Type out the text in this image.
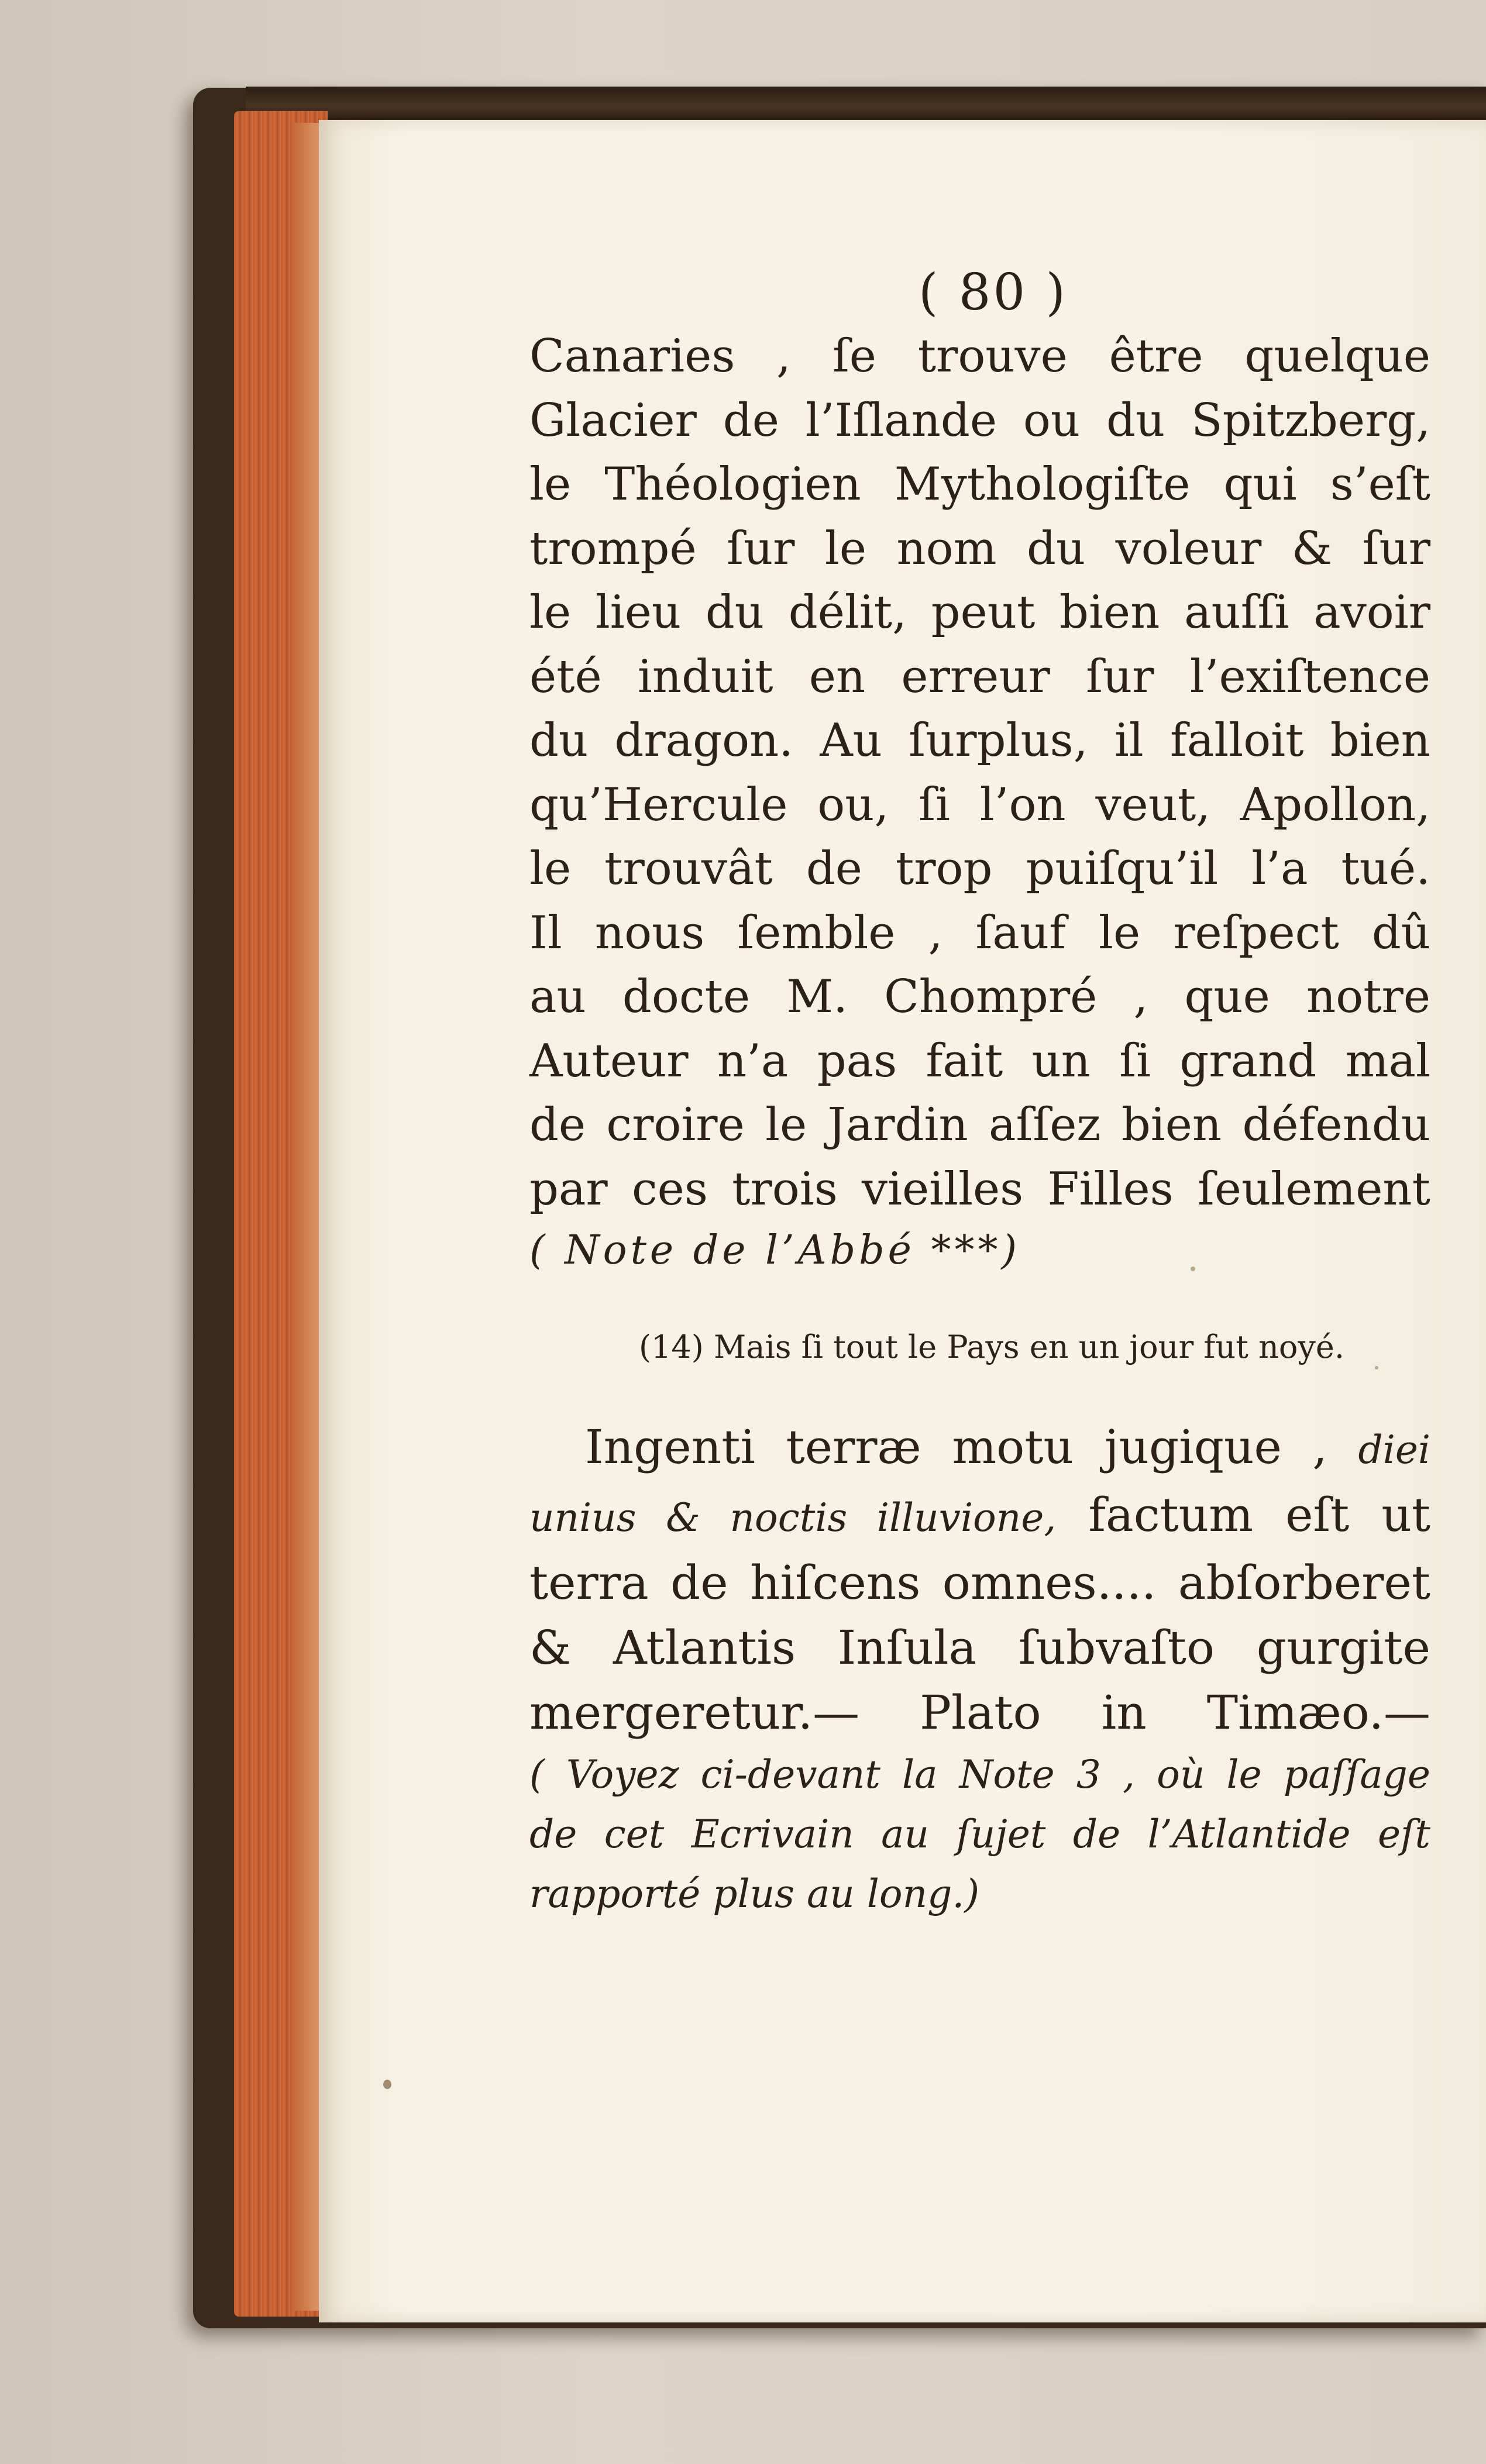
( 80 )
Canaries , ſe trouve être quelque
Glacier de l’Iſlande ou du Spitzberg,
le Théologien Mythologiſte qui s’eſt
trompé ſur le nom du voleur & ſur
le lieu du délit, peut bien auſſi avoir
été induit en erreur ſur l’exiſtence
du dragon. Au ſurplus, il falloit bien
qu’Hercule ou, ſi l’on veut, Apollon,
le trouvât de trop puiſqu’il l’a tué.
Il nous ſemble , ſauf le reſpect dû
au docte M. Chompré , que notre
Auteur n’a pas fait un ſi grand mal
de croire le Jardin aſſez bien défendu
par ces trois vieilles Filles ſeulement
( Note de l’Abbé ***)
(14) Mais ſi tout le Pays en un jour fut noyé.
Ingenti terræ motu jugique , diei
unius & noctis illuvione, factum eſt ut
terra de hiſcens omnes.... abſorberet
& Atlantis Inſula ſubvaſto gurgite
mergeretur.— Plato in Timæo.—
( Voyez ci-devant la Note 3 , où le paſſage
de cet Ecrivain au ſujet de l’Atlantide eſt
rapporté plus au long.)
